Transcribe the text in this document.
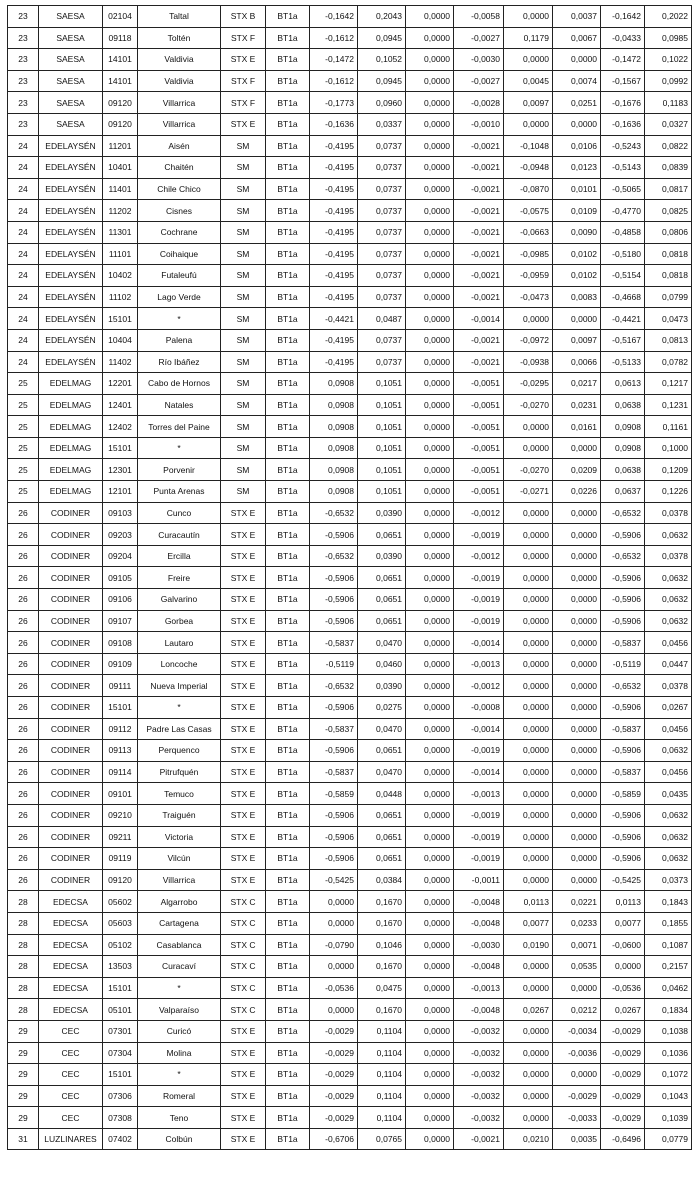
23	SAESA	02104	Taltal	STX B	BT1a	-0,1642	0,2043	0,0000	-0,0058	0,0000	0,0037	-0,1642	0,2022
23	SAESA	09118	Toltén	STX F	BT1a	-0,1612	0,0945	0,0000	-0,0027	0,1179	0,0067	-0,0433	0,0985
23	SAESA	14101	Valdivia	STX E	BT1a	-0,1472	0,1052	0,0000	-0,0030	0,0000	0,0000	-0,1472	0,1022
23	SAESA	14101	Valdivia	STX F	BT1a	-0,1612	0,0945	0,0000	-0,0027	0,0045	0,0074	-0,1567	0,0992
23	SAESA	09120	Villarrica	STX F	BT1a	-0,1773	0,0960	0,0000	-0,0028	0,0097	0,0251	-0,1676	0,1183
23	SAESA	09120	Villarrica	STX E	BT1a	-0,1636	0,0337	0,0000	-0,0010	0,0000	0,0000	-0,1636	0,0327
24	EDELAYSÉN	11201	Aisén	SM	BT1a	-0,4195	0,0737	0,0000	-0,0021	-0,1048	0,0106	-0,5243	0,0822
24	EDELAYSÉN	10401	Chaitén	SM	BT1a	-0,4195	0,0737	0,0000	-0,0021	-0,0948	0,0123	-0,5143	0,0839
24	EDELAYSÉN	11401	Chile Chico	SM	BT1a	-0,4195	0,0737	0,0000	-0,0021	-0,0870	0,0101	-0,5065	0,0817
24	EDELAYSÉN	11202	Cisnes	SM	BT1a	-0,4195	0,0737	0,0000	-0,0021	-0,0575	0,0109	-0,4770	0,0825
24	EDELAYSÉN	11301	Cochrane	SM	BT1a	-0,4195	0,0737	0,0000	-0,0021	-0,0663	0,0090	-0,4858	0,0806
24	EDELAYSÉN	11101	Coihaique	SM	BT1a	-0,4195	0,0737	0,0000	-0,0021	-0,0985	0,0102	-0,5180	0,0818
24	EDELAYSÉN	10402	Futaleufú	SM	BT1a	-0,4195	0,0737	0,0000	-0,0021	-0,0959	0,0102	-0,5154	0,0818
24	EDELAYSÉN	11102	Lago Verde	SM	BT1a	-0,4195	0,0737	0,0000	-0,0021	-0,0473	0,0083	-0,4668	0,0799
24	EDELAYSÉN	15101	*	SM	BT1a	-0,4421	0,0487	0,0000	-0,0014	0,0000	0,0000	-0,4421	0,0473
24	EDELAYSÉN	10404	Palena	SM	BT1a	-0,4195	0,0737	0,0000	-0,0021	-0,0972	0,0097	-0,5167	0,0813
24	EDELAYSÉN	11402	Río Ibáñez	SM	BT1a	-0,4195	0,0737	0,0000	-0,0021	-0,0938	0,0066	-0,5133	0,0782
25	EDELMAG	12201	Cabo de Hornos	SM	BT1a	0,0908	0,1051	0,0000	-0,0051	-0,0295	0,0217	0,0613	0,1217
25	EDELMAG	12401	Natales	SM	BT1a	0,0908	0,1051	0,0000	-0,0051	-0,0270	0,0231	0,0638	0,1231
25	EDELMAG	12402	Torres del Paine	SM	BT1a	0,0908	0,1051	0,0000	-0,0051	0,0000	0,0161	0,0908	0,1161
25	EDELMAG	15101	*	SM	BT1a	0,0908	0,1051	0,0000	-0,0051	0,0000	0,0000	0,0908	0,1000
25	EDELMAG	12301	Porvenir	SM	BT1a	0,0908	0,1051	0,0000	-0,0051	-0,0270	0,0209	0,0638	0,1209
25	EDELMAG	12101	Punta Arenas	SM	BT1a	0,0908	0,1051	0,0000	-0,0051	-0,0271	0,0226	0,0637	0,1226
26	CODINER	09103	Cunco	STX E	BT1a	-0,6532	0,0390	0,0000	-0,0012	0,0000	0,0000	-0,6532	0,0378
26	CODINER	09203	Curacautín	STX E	BT1a	-0,5906	0,0651	0,0000	-0,0019	0,0000	0,0000	-0,5906	0,0632
26	CODINER	09204	Ercilla	STX E	BT1a	-0,6532	0,0390	0,0000	-0,0012	0,0000	0,0000	-0,6532	0,0378
26	CODINER	09105	Freire	STX E	BT1a	-0,5906	0,0651	0,0000	-0,0019	0,0000	0,0000	-0,5906	0,0632
26	CODINER	09106	Galvarino	STX E	BT1a	-0,5906	0,0651	0,0000	-0,0019	0,0000	0,0000	-0,5906	0,0632
26	CODINER	09107	Gorbea	STX E	BT1a	-0,5906	0,0651	0,0000	-0,0019	0,0000	0,0000	-0,5906	0,0632
26	CODINER	09108	Lautaro	STX E	BT1a	-0,5837	0,0470	0,0000	-0,0014	0,0000	0,0000	-0,5837	0,0456
26	CODINER	09109	Loncoche	STX E	BT1a	-0,5119	0,0460	0,0000	-0,0013	0,0000	0,0000	-0,5119	0,0447
26	CODINER	09111	Nueva Imperial	STX E	BT1a	-0,6532	0,0390	0,0000	-0,0012	0,0000	0,0000	-0,6532	0,0378
26	CODINER	15101	*	STX E	BT1a	-0,5906	0,0275	0,0000	-0,0008	0,0000	0,0000	-0,5906	0,0267
26	CODINER	09112	Padre Las Casas	STX E	BT1a	-0,5837	0,0470	0,0000	-0,0014	0,0000	0,0000	-0,5837	0,0456
26	CODINER	09113	Perquenco	STX E	BT1a	-0,5906	0,0651	0,0000	-0,0019	0,0000	0,0000	-0,5906	0,0632
26	CODINER	09114	Pitrufquén	STX E	BT1a	-0,5837	0,0470	0,0000	-0,0014	0,0000	0,0000	-0,5837	0,0456
26	CODINER	09101	Temuco	STX E	BT1a	-0,5859	0,0448	0,0000	-0,0013	0,0000	0,0000	-0,5859	0,0435
26	CODINER	09210	Traiguén	STX E	BT1a	-0,5906	0,0651	0,0000	-0,0019	0,0000	0,0000	-0,5906	0,0632
26	CODINER	09211	Victoria	STX E	BT1a	-0,5906	0,0651	0,0000	-0,0019	0,0000	0,0000	-0,5906	0,0632
26	CODINER	09119	Vilcún	STX E	BT1a	-0,5906	0,0651	0,0000	-0,0019	0,0000	0,0000	-0,5906	0,0632
26	CODINER	09120	Villarrica	STX E	BT1a	-0,5425	0,0384	0,0000	-0,0011	0,0000	0,0000	-0,5425	0,0373
28	EDECSA	05602	Algarrobo	STX C	BT1a	0,0000	0,1670	0,0000	-0,0048	0,0113	0,0221	0,0113	0,1843
28	EDECSA	05603	Cartagena	STX C	BT1a	0,0000	0,1670	0,0000	-0,0048	0,0077	0,0233	0,0077	0,1855
28	EDECSA	05102	Casablanca	STX C	BT1a	-0,0790	0,1046	0,0000	-0,0030	0,0190	0,0071	-0,0600	0,1087
28	EDECSA	13503	Curacaví	STX C	BT1a	0,0000	0,1670	0,0000	-0,0048	0,0000	0,0535	0,0000	0,2157
28	EDECSA	15101	*	STX C	BT1a	-0,0536	0,0475	0,0000	-0,0013	0,0000	0,0000	-0,0536	0,0462
28	EDECSA	05101	Valparaíso	STX C	BT1a	0,0000	0,1670	0,0000	-0,0048	0,0267	0,0212	0,0267	0,1834
29	CEC	07301	Curicó	STX E	BT1a	-0,0029	0,1104	0,0000	-0,0032	0,0000	-0,0034	-0,0029	0,1038
29	CEC	07304	Molina	STX E	BT1a	-0,0029	0,1104	0,0000	-0,0032	0,0000	-0,0036	-0,0029	0,1036
29	CEC	15101	*	STX E	BT1a	-0,0029	0,1104	0,0000	-0,0032	0,0000	0,0000	-0,0029	0,1072
29	CEC	07306	Romeral	STX E	BT1a	-0,0029	0,1104	0,0000	-0,0032	0,0000	-0,0029	-0,0029	0,1043
29	CEC	07308	Teno	STX E	BT1a	-0,0029	0,1104	0,0000	-0,0032	0,0000	-0,0033	-0,0029	0,1039
31	LUZLINARES	07402	Colbún	STX E	BT1a	-0,6706	0,0765	0,0000	-0,0021	0,0210	0,0035	-0,6496	0,0779
